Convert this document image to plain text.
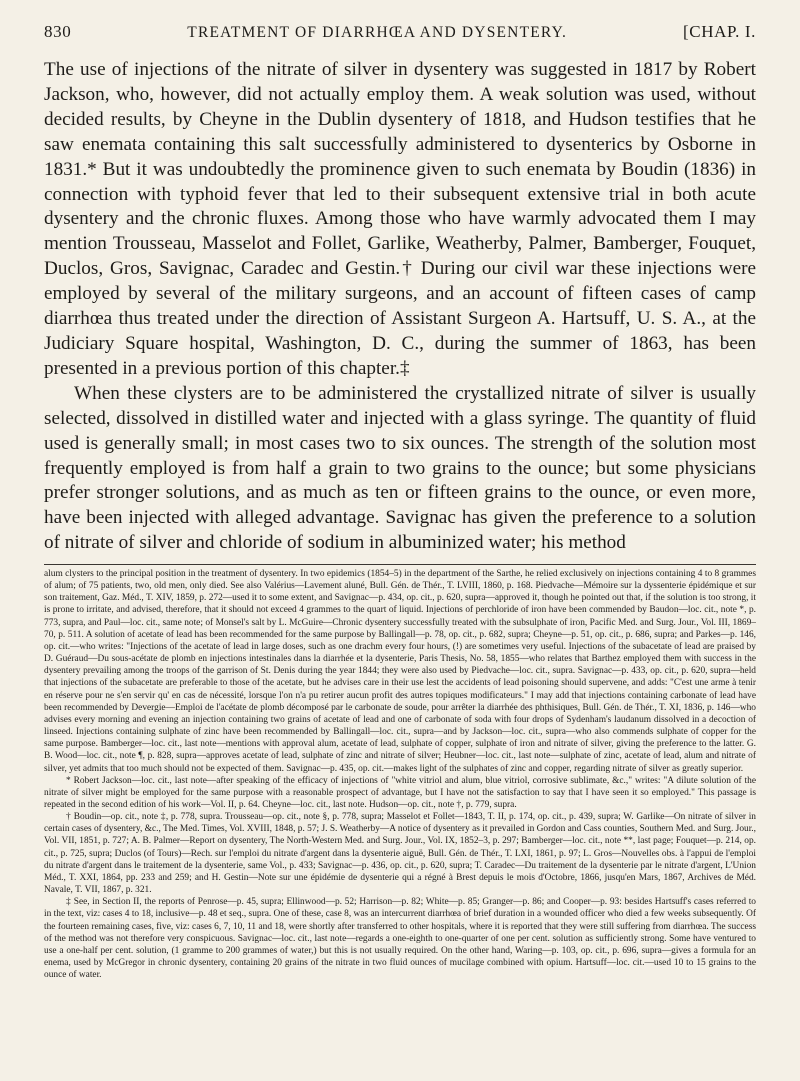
830	TREATMENT OF DIARRHŒA AND DYSENTERY.	[CHAP. I.

The use of injections of the nitrate of silver in dysentery was suggested in 1817 by Robert Jackson, who, however, did not actually employ them. A weak solution was used, without decided results, by Cheyne in the Dublin dysentery of 1818, and Hudson testifies that he saw enemata containing this salt successfully administered to dysenterics by Osborne in 1831.* But it was undoubtedly the prominence given to such enemata by Boudin (1836) in connection with typhoid fever that led to their subsequent extensive trial in both acute dysentery and the chronic fluxes. Among those who have warmly advocated them I may mention Trousseau, Masselot and Follet, Garlike, Weatherby, Palmer, Bamberger, Fouquet, Duclos, Gros, Savignac, Caradec and Gestin.† During our civil war these injections were employed by several of the military surgeons, and an account of fifteen cases of camp diarrhœa thus treated under the direction of Assistant Surgeon A. Hartsuff, U. S. A., at the Judiciary Square hospital, Washington, D. C., during the summer of 1863, has been presented in a previous portion of this chapter.‡

When these clysters are to be administered the crystallized nitrate of silver is usually selected, dissolved in distilled water and injected with a glass syringe. The quantity of fluid used is generally small; in most cases two to six ounces. The strength of the solution most frequently employed is from half a grain to two grains to the ounce; but some physicians prefer stronger solutions, and as much as ten or fifteen grains to the ounce, or even more, have been injected with alleged advantage. Savignac has given the preference to a solution of nitrate of silver and chloride of sodium in albuminized water; his method

alum clysters to the principal position in the treatment of dysentery. In two epidemics (1854–5) in the department of the Sarthe, he relied exclusively on injections containing 4 to 8 grammes of alum; of 75 patients, two, old men, only died. See also Valérius—Lavement aluné, Bull. Gén. de Thér., T. LVIII, 1860, p. 168. Piedvache—Mémoire sur la dyssenterie épidémique et sur son traitement, Gaz. Méd., T. XIV, 1859, p. 272—used it to some extent, and Savignac—p. 434, op. cit., p. 620, supra—approved it, though he pointed out that, if the solution is too strong, it is prone to irritate, and advised, therefore, that it should not exceed 4 grammes to the quart of liquid. Injections of perchloride of iron have been commended by Baudon—loc. cit., note *, p. 773, supra, and Paul—loc. cit., same note; of Monsel's salt by L. McGuire—Chronic dysentery successfully treated with the subsulphate of iron, Pacific Med. and Surg. Jour., Vol. III, 1869–70, p. 511. A solution of acetate of lead has been recommended for the same purpose by Ballingall—p. 78, op. cit., p. 682, supra; Cheyne—p. 51, op. cit., p. 686, supra; and Parkes—p. 146, op. cit.—who writes: "Injections of the acetate of lead in large doses, such as one drachm every four hours, (!) are sometimes very useful. Injections of the subacetate of lead are praised by D. Guéraud—Du sous-acétate de plomb en injections intestinales dans la diarrhée et la dysenterie, Paris Thesis, No. 58, 1855—who relates that Barthez employed them with success in the dysentery prevailing among the troops of the garrison of St. Denis during the year 1844; they were also used by Piedvache—loc. cit., supra. Savignac—p. 433, op. cit., p. 620, supra—held that injections of the subacetate are preferable to those of the acetate, but he advises care in their use lest the accidents of lead poisoning should supervene, and adds: "C'est une arme à tenir en réserve pour ne s'en servir qu' en cas de nécessité, lorsque l'on n'a pu retirer aucun profit des autres topiques modificateurs." I may add that injections containing carbonate of lead have been recommended by Devergie—Emploi de l'acétate de plomb décomposé par le carbonate de soude, pour arrêter la diarrhée des phthisiques, Bull. Gén. de Thér., T. XI, 1836, p. 146—who advises every morning and evening an injection containing two grains of acetate of lead and one of carbonate of soda with four drops of Sydenham's laudanum dissolved in a decoction of linseed. Injections containing sulphate of zinc have been recommended by Ballingall—loc. cit., supra—and by Jackson—loc. cit., supra—who also commends sulphate of copper for the same purpose. Bamberger—loc. cit., last note—mentions with approval alum, acetate of lead, sulphate of copper, sulphate of iron and nitrate of silver, giving the preference to the latter. G. B. Wood—loc. cit., note ¶, p. 828, supra—approves acetate of lead, sulphate of zinc and nitrate of silver; Heubner—loc. cit., last note—sulphate of zinc, acetate of lead, alum and nitrate of silver, yet admits that too much should not be expected of them. Savignac—p. 435, op. cit.—makes light of the sulphates of zinc and copper, regarding nitrate of silver as greatly superior.

* Robert Jackson—loc. cit., last note—after speaking of the efficacy of injections of "white vitriol and alum, blue vitriol, corrosive sublimate, &c.," writes: "A dilute solution of the nitrate of silver might be employed for the same purpose with a reasonable prospect of advantage, but I have not the satisfaction to say that I have seen it so employed." This passage is repeated in the second edition of his work—Vol. II, p. 64. Cheyne—loc. cit., last note. Hudson—op. cit., note †, p. 779, supra.

† Boudin—op. cit., note ‡, p. 778, supra. Trousseau—op. cit., note §, p. 778, supra; Masselot et Follet—1843, T. II, p. 174, op. cit., p. 439, supra; W. Garlike—On nitrate of silver in certain cases of dysentery, &c., The Med. Times, Vol. XVIII, 1848, p. 57; J. S. Weatherby—A notice of dysentery as it prevailed in Gordon and Cass counties, Southern Med. and Surg. Jour., Vol. VII, 1851, p. 727; A. B. Palmer—Report on dysentery, The North-Western Med. and Surg. Jour., Vol. IX, 1852–3, p. 297; Bamberger—loc. cit., note **, last page; Fouquet—p. 214, op. cit., p. 725, supra; Duclos (of Tours)—Rech. sur l'emploi du nitrate d'argent dans la dysenterie aiguë, Bull. Gén. de Thér., T. LXI, 1861, p. 97; L. Gros—Nouvelles obs. à l'appui de l'emploi du nitrate d'argent dans le traitement de la dysenterie, same Vol., p. 433; Savignac—p. 436, op. cit., p. 620, supra; T. Caradec—Du traitement de la dysenterie par le nitrate d'argent, L'Union Méd., T. XXI, 1864, pp. 233 and 259; and H. Gestin—Note sur une épidémie de dysenterie qui a régné à Brest depuis le mois d'Octobre, 1866, jusqu'en Mars, 1867, Archives de Méd. Navale, T. VII, 1867, p. 321.

‡ See, in Section II, the reports of Penrose—p. 45, supra; Ellinwood—p. 52; Harrison—p. 82; White—p. 85; Granger—p. 86; and Cooper—p. 93: besides Hartsuff's cases referred to in the text, viz: cases 4 to 18, inclusive—p. 48 et seq., supra. One of these, case 8, was an intercurrent diarrhœa of brief duration in a wounded officer who died a few weeks subsequently. Of the fourteen remaining cases, five, viz: cases 6, 7, 10, 11 and 18, were shortly after transferred to other hospitals, where it is reported that they were still suffering from diarrhœa. The success of the method was not therefore very conspicuous. Savignac—loc. cit., last note—regards a one-eighth to one-quarter of one per cent. solution as sufficiently strong. Some have ventured to use a one-half per cent. solution, (1 gramme to 200 grammes of water,) but this is not usually required. On the other hand, Waring—p. 103, op. cit., p. 696, supra—gives a formula for an enema, used by McGregor in chronic dysentery, containing 20 grains of the nitrate in two fluid ounces of mucilage combined with opium. Hartsuff—loc. cit.—used 10 to 15 grains to the ounce of water.
